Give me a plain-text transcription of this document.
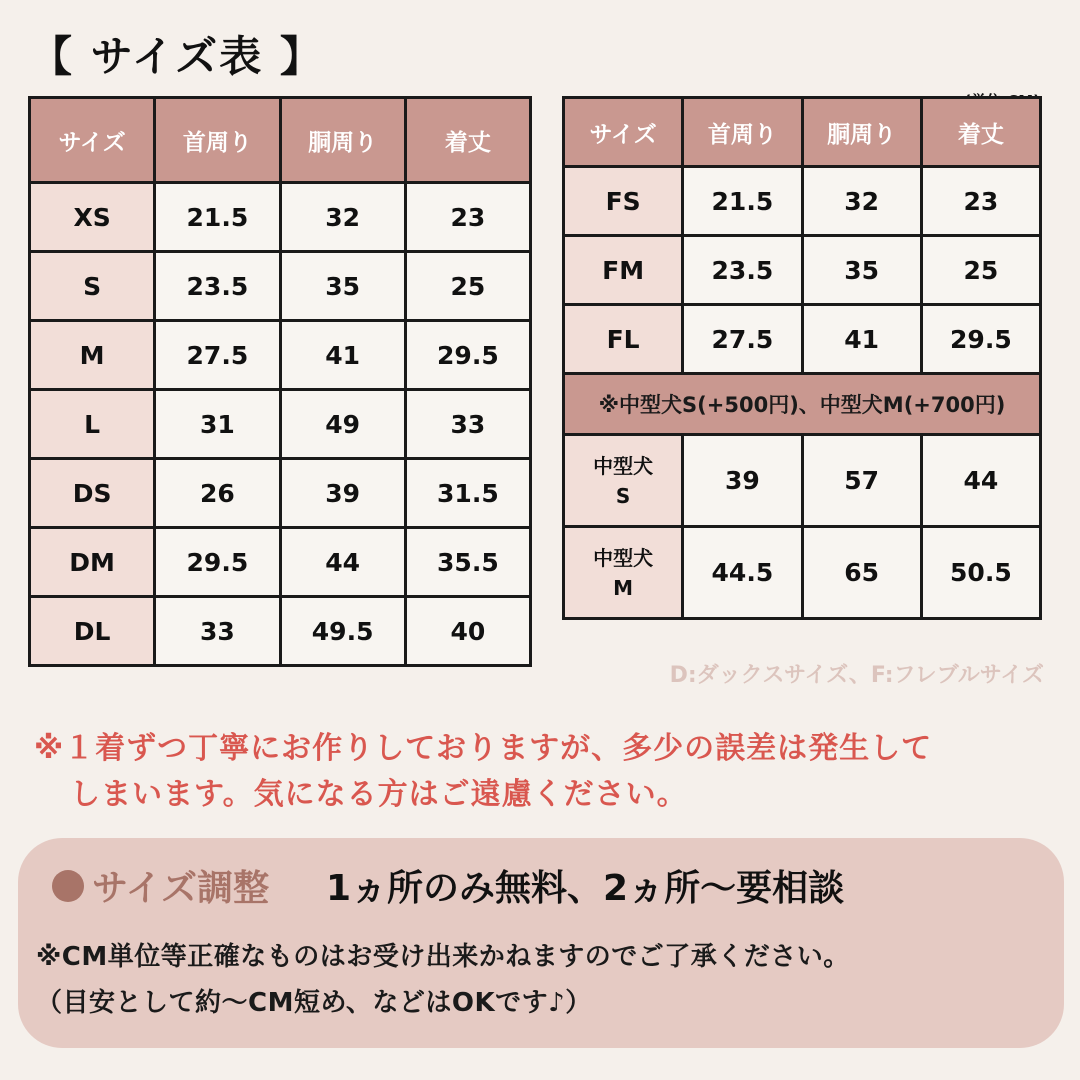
【 サイズ表 】
サイズ	首周り	胴周り	着丈
XS	21.5	32	23
S	23.5	35	25
M	27.5	41	29.5
L	31	49	33
DS	26	39	31.5
DM	29.5	44	35.5
DL	33	49.5	40
サイズ	首周り	胴周り	着丈
FS	21.5	32	23
FM	23.5	35	25
FL	27.5	41	29.5
※中型犬S(+500円)、中型犬M(+700円)			

中型犬
S	39	57	44

中型犬
M	44.5	65	50.5
D:ダックスサイズ、F:フレブルサイズ
※１着ずつ丁寧にお作りしておりますが、多少の誤差は発生して
しまいます。気になる方はご遠慮ください。
サイズ調整 1ヵ所のみ無料、2ヵ所〜要相談
※CM単位等正確なものはお受け出来かねますのでご了承ください。
（目安として約〜CM短め、などはOKです♪）
